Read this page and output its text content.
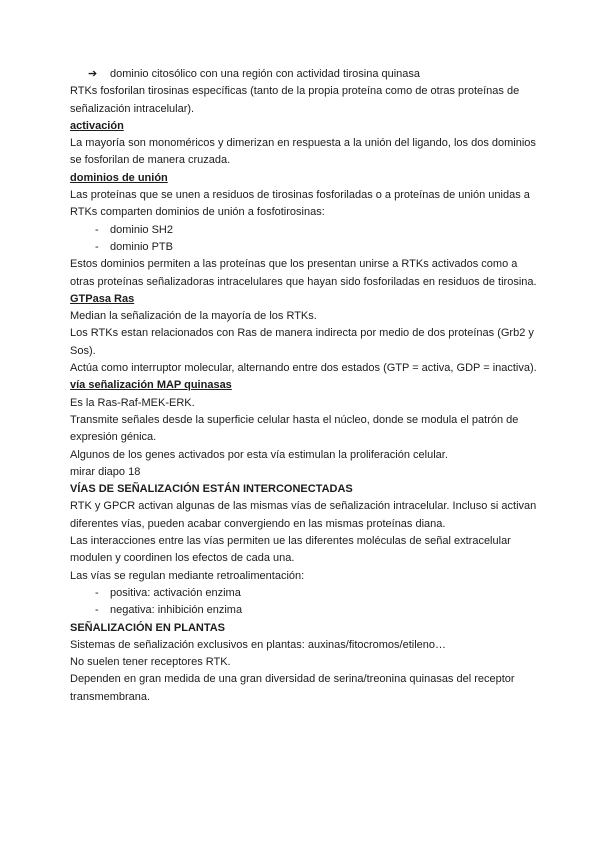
➔ dominio citosólico con una región con actividad tirosina quinasa
RTKs fosforilan tirosinas específicas (tanto de la propia proteína como de otras proteínas de señalización intracelular).
activación
La mayoría son monoméricos y dimerizan en respuesta a la unión del ligando, los dos dominios se fosforilan de manera cruzada.
dominios de unión
Las proteínas que se unen a residuos de tirosinas fosforiladas o a proteínas de unión unidas a RTKs comparten dominios de unión a fosfotirosinas:
- dominio SH2
- dominio PTB
Estos dominios permiten a las proteínas que los presentan unirse a RTKs activados como a otras proteínas señalizadoras intracelulares que hayan sido fosforiladas en residuos de tirosina.
GTPasa Ras
Median la señalización de la mayoría de los RTKs.
Los RTKs estan relacionados con Ras de manera indirecta por medio de dos proteínas (Grb2 y Sos).
Actúa como interruptor molecular, alternando entre dos estados (GTP = activa, GDP = inactiva).
vía señalización MAP quinasas
Es la Ras-Raf-MEK-ERK.
Transmite señales desde la superficie celular hasta el núcleo, donde se modula el patrón de expresión génica.
Algunos de los genes activados por esta vía estimulan la proliferación celular.
mirar diapo 18
VÍAS DE SEÑALIZACIÓN ESTÁN INTERCONECTADAS
RTK y GPCR activan algunas de las mismas vías de señalización intracelular. Incluso si activan diferentes vías, pueden acabar convergiendo en las mismas proteínas diana.
Las interacciones entre las vías permiten ue las diferentes moléculas de señal extracelular modulen y coordinen los efectos de cada una.
Las vías se regulan mediante retroalimentación:
- positiva: activación enzima
- negativa: inhibición enzima
SEÑALIZACIÓN EN PLANTAS
Sistemas de señalización exclusivos en plantas: auxinas/fitocromos/etileno…
No suelen tener receptores RTK.
Dependen en gran medida de una gran diversidad de serina/treonina quinasas del receptor transmembrana.
